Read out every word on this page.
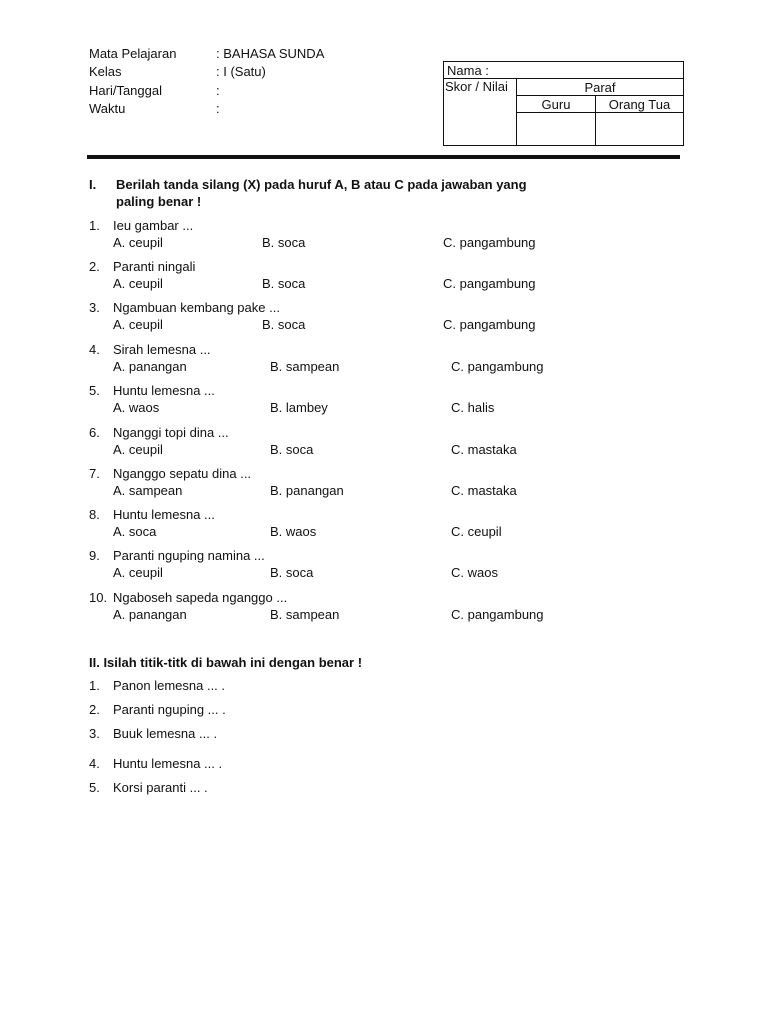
Mata Pelajaran	: BAHASA SUNDA
Kelas	: I (Satu)
Hari/Tanggal	:
Waktu	:
Nama :		
Skor / Nilai	Paraf	
	Guru	Orang Tua

I. Berilah tanda silang (X) pada huruf A, B atau C pada jawaban yang
paling benar !
1. Ieu gambar ...
A. ceupil	B. soca	C. pangambung
2. Paranti ningali
A. ceupil	B. soca	C. pangambung
3. Ngambuan kembang pake ...
A. ceupil	B. soca	C. pangambung
4. Sirah lemesna ...
A. panangan	B. sampean	C. pangambung
5. Huntu lemesna ...
A. waos	B. lambey	C. halis
6. Nganggi topi dina ...
A. ceupil	B. soca	C. mastaka
7. Nganggo sepatu dina ...
A. sampean	B. panangan	C. mastaka
8. Huntu lemesna ...
A. soca	B. waos	C. ceupil
9. Paranti nguping namina ...
A. ceupil	B. soca	C. waos
10. Ngaboseh sapeda nganggo ...
A. panangan	B. sampean	C. pangambung
II. Isilah titik-titk di bawah ini dengan benar !
1. Panon lemesna ... .
2. Paranti nguping ... .
3. Buuk lemesna ... .
4. Huntu lemesna ... .
5. Korsi paranti ... .
